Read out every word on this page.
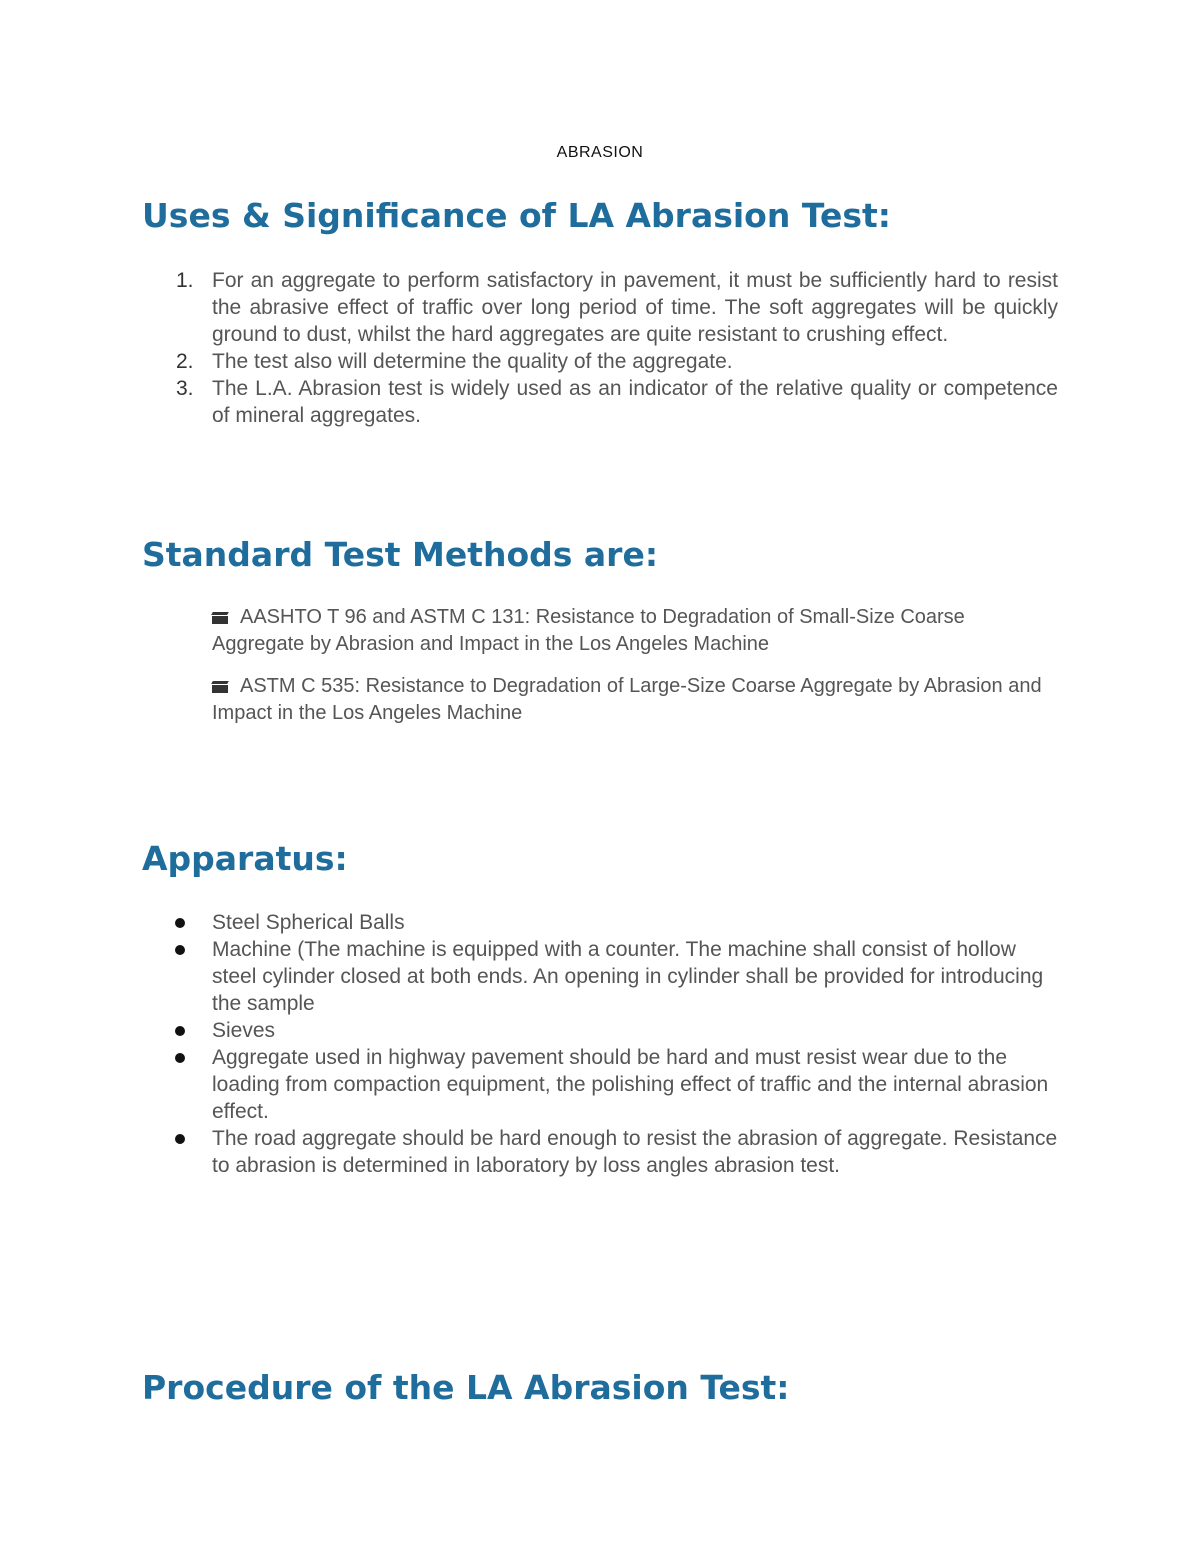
ABRASION
Uses & Significance of LA Abrasion Test:
1. For an aggregate to perform satisfactory in pavement, it must be sufficiently hard to resist the abrasive effect of traffic over long period of time. The soft aggregates will be quickly ground to dust, whilst the hard aggregates are quite resistant to crushing effect.
2. The test also will determine the quality of the aggregate.
3. The L.A. Abrasion test is widely used as an indicator of the relative quality or competence of mineral aggregates.
Standard Test Methods are:
AASHTO T 96 and ASTM C 131: Resistance to Degradation of Small-Size Coarse Aggregate by Abrasion and Impact in the Los Angeles Machine
ASTM C 535: Resistance to Degradation of Large-Size Coarse Aggregate by Abrasion and Impact in the Los Angeles Machine
Apparatus:
Steel Spherical Balls
Machine (The machine is equipped with a counter. The machine shall consist of hollow steel cylinder closed at both ends. An opening in cylinder shall be provided for introducing the sample
Sieves
Aggregate used in highway pavement should be hard and must resist wear due to the loading from compaction equipment, the polishing effect of traffic and the internal abrasion effect.
The road aggregate should be hard enough to resist the abrasion of aggregate. Resistance to abrasion is determined in laboratory by loss angles abrasion test.
Procedure of the LA Abrasion Test:
